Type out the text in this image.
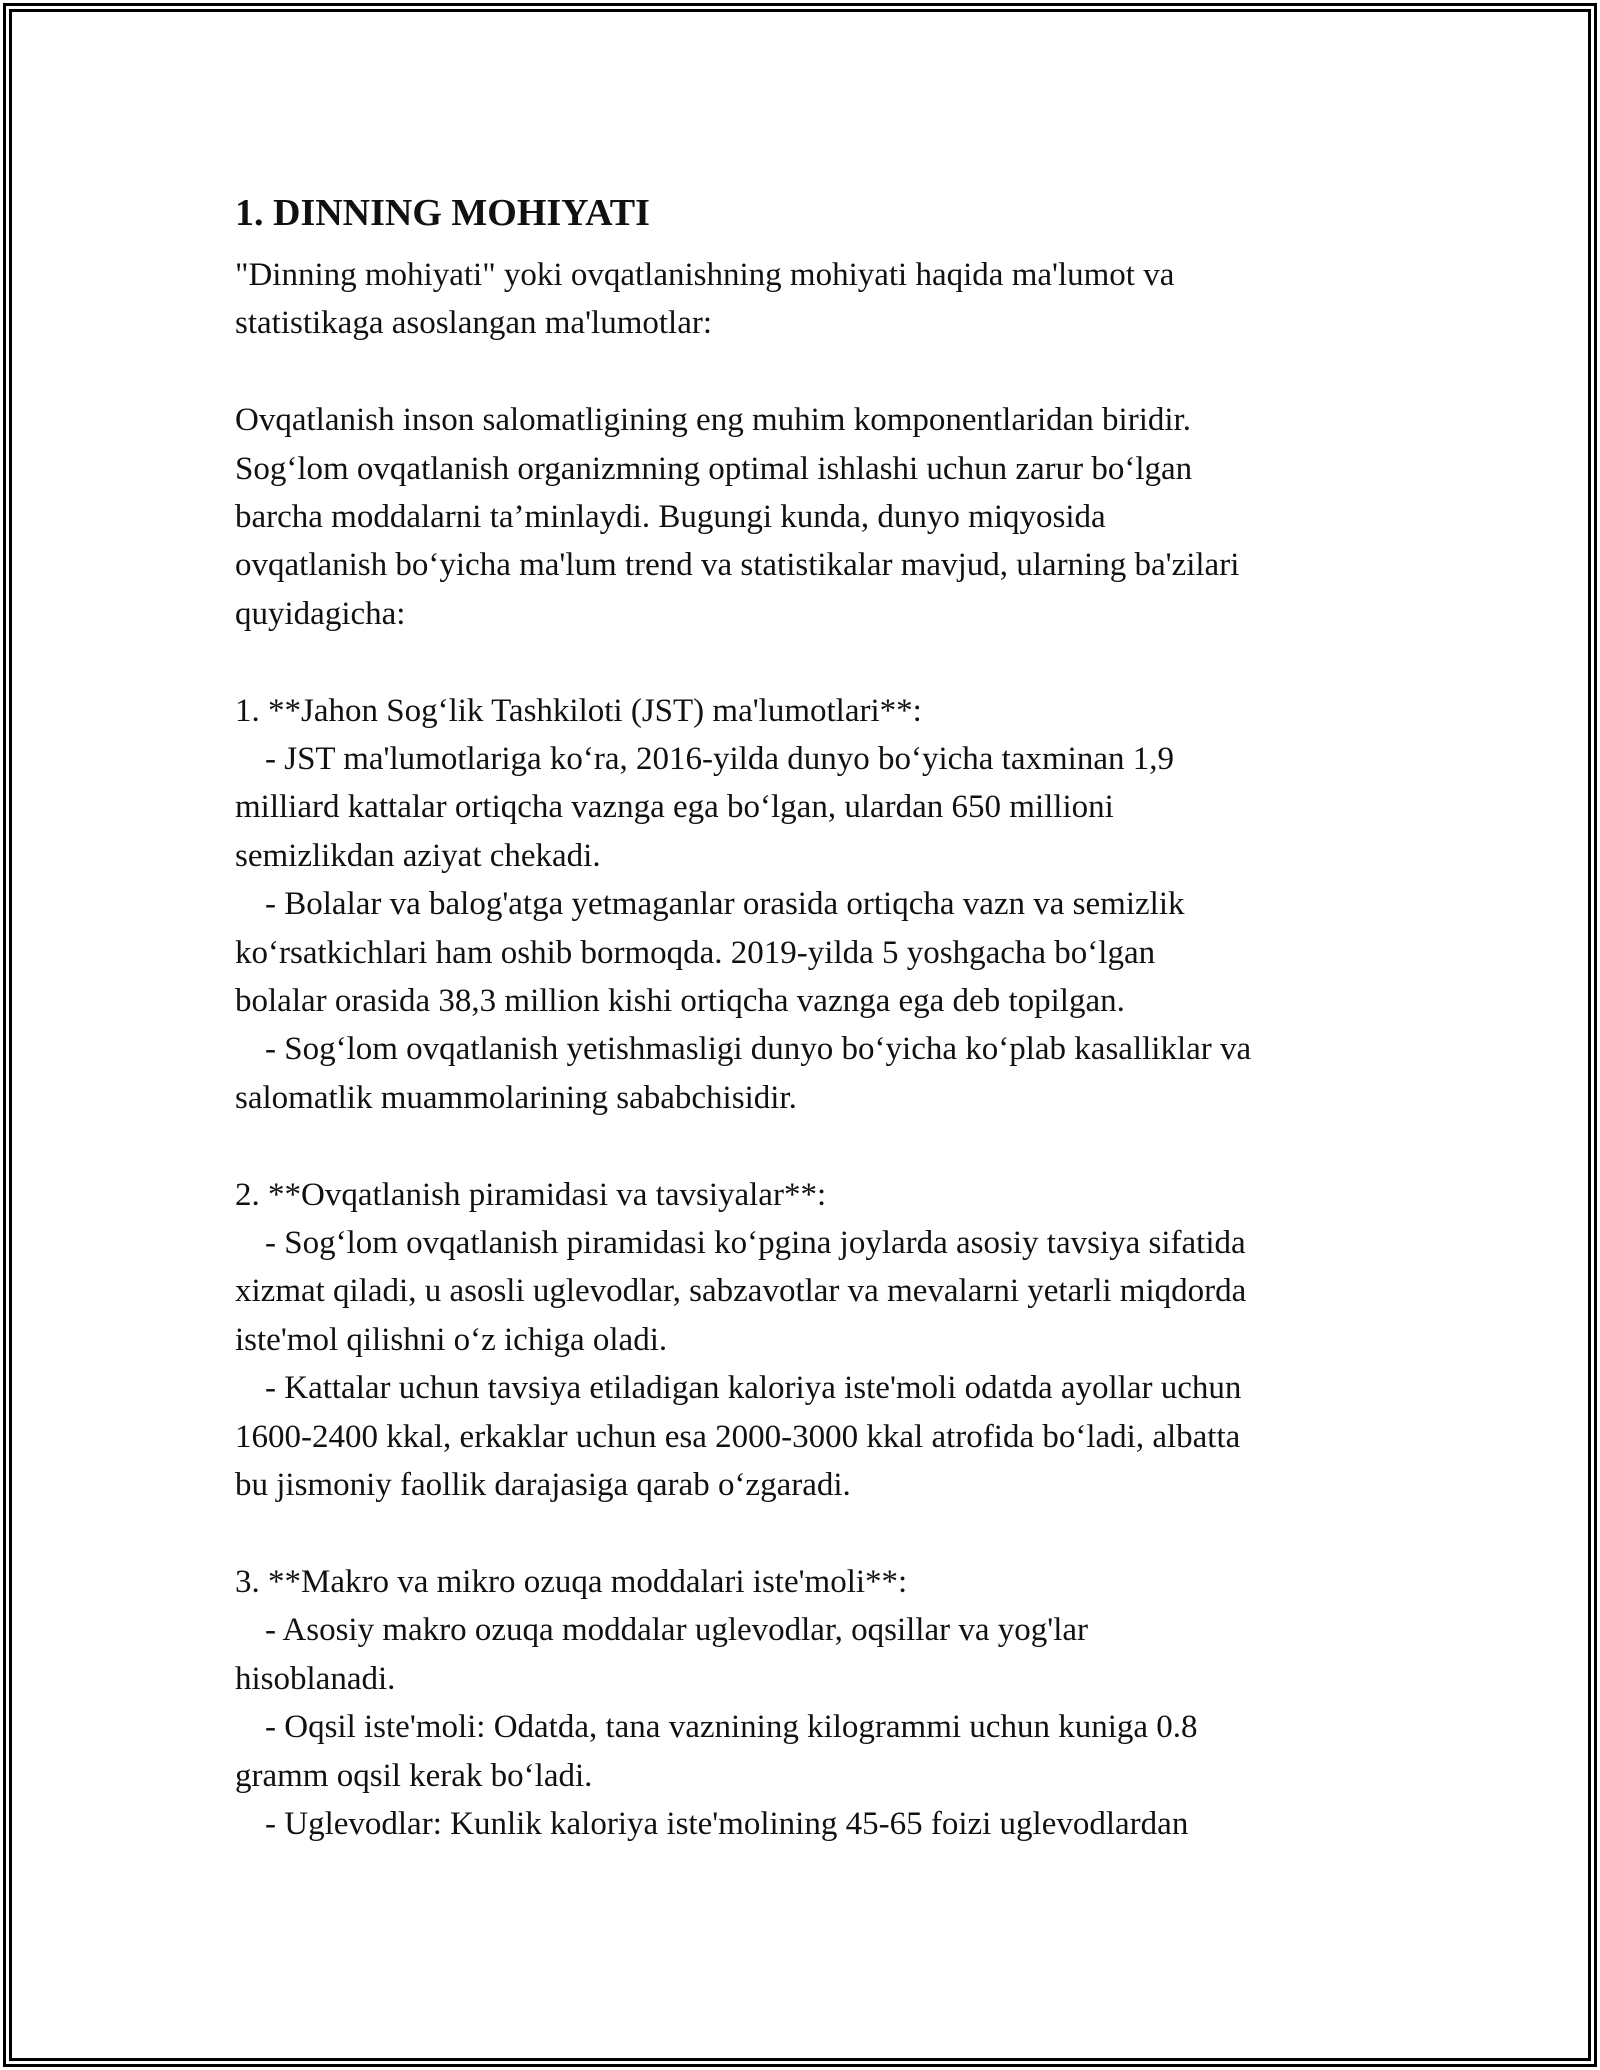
1. DINNING MOHIYATI

"Dinning mohiyati" yoki ovqatlanishning mohiyati haqida ma'lumot va

statistikaga asoslangan ma'lumotlar:

Ovqatlanish inson salomatligining eng muhim komponentlaridan biridir.

Sog‘lom ovqatlanish organizmning optimal ishlashi uchun zarur bo‘lgan

barcha moddalarni ta’minlaydi. Bugungi kunda, dunyo miqyosida

ovqatlanish bo‘yicha ma'lum trend va statistikalar mavjud, ularning ba'zilari

quyidagicha:

1. **Jahon Sog‘lik Tashkiloti (JST) ma'lumotlari**:

- JST ma'lumotlariga ko‘ra, 2016-yilda dunyo bo‘yicha taxminan 1,9

milliard kattalar ortiqcha vaznga ega bo‘lgan, ulardan 650 millioni

semizlikdan aziyat chekadi.

- Bolalar va balog'atga yetmaganlar orasida ortiqcha vazn va semizlik

ko‘rsatkichlari ham oshib bormoqda. 2019-yilda 5 yoshgacha bo‘lgan

bolalar orasida 38,3 million kishi ortiqcha vaznga ega deb topilgan.

- Sog‘lom ovqatlanish yetishmasligi dunyo bo‘yicha ko‘plab kasalliklar va

salomatlik muammolarining sababchisidir.

2. **Ovqatlanish piramidasi va tavsiyalar**:

- Sog‘lom ovqatlanish piramidasi ko‘pgina joylarda asosiy tavsiya sifatida

xizmat qiladi, u asosli uglevodlar, sabzavotlar va mevalarni yetarli miqdorda

iste'mol qilishni o‘z ichiga oladi.

- Kattalar uchun tavsiya etiladigan kaloriya iste'moli odatda ayollar uchun

1600-2400 kkal, erkaklar uchun esa 2000-3000 kkal atrofida bo‘ladi, albatta

bu jismoniy faollik darajasiga qarab o‘zgaradi.

3. **Makro va mikro ozuqa moddalari iste'moli**:

- Asosiy makro ozuqa moddalar uglevodlar, oqsillar va yog'lar

hisoblanadi.

- Oqsil iste'moli: Odatda, tana vaznining kilogrammi uchun kuniga 0.8

gramm oqsil kerak bo‘ladi.

- Uglevodlar: Kunlik kaloriya iste'molining 45-65 foizi uglevodlardan
